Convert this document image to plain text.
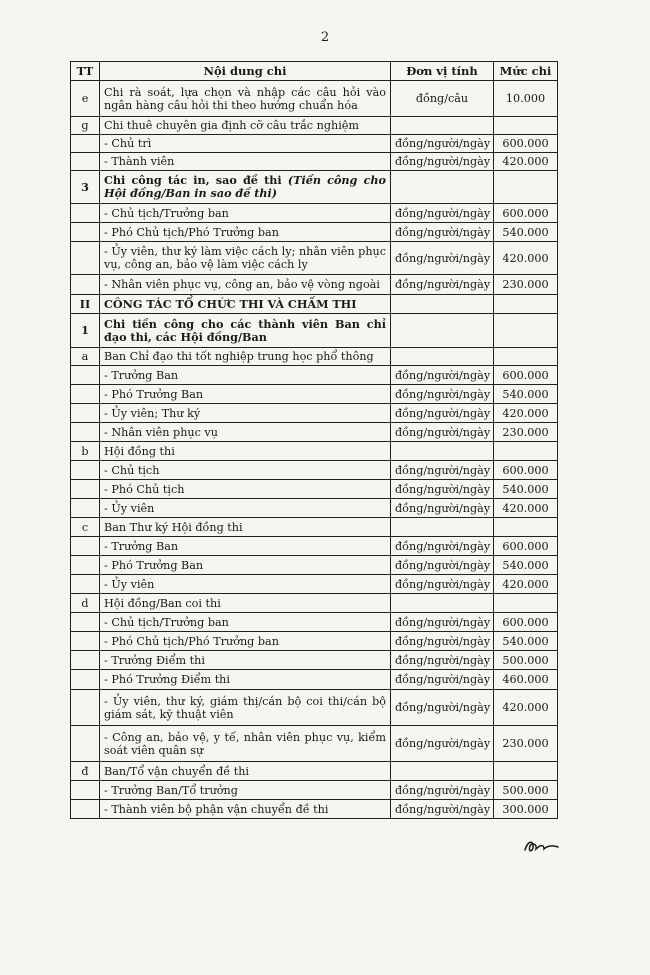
2
TT	Nội dung chi	Đơn vị tính	Mức chi
e	Chi rà soát, lựa chọn và nhập các câu hỏi vào ngân hàng câu hỏi thi theo hướng chuẩn hóa	đồng/câu	10.000
g	Chi thuê chuyên gia định cỡ câu trắc nghiệm		
	- Chủ trì	đồng/người/ngày	600.000
	- Thành viên	đồng/người/ngày	420.000
3	Chi công tác in, sao đề thi (Tiền công cho Hội đồng/Ban in sao đề thi)		
	- Chủ tịch/Trưởng ban	đồng/người/ngày	600.000
	- Phó Chủ tịch/Phó Trưởng ban	đồng/người/ngày	540.000
	- Ủy viên, thư ký làm việc cách ly; nhân viên phục vụ, công an, bảo vệ làm việc cách ly	đồng/người/ngày	420.000
	- Nhân viên phục vụ, công an, bảo vệ vòng ngoài	đồng/người/ngày	230.000
II	CÔNG TÁC TỔ CHỨC THI VÀ CHẤM THI		
1	Chi tiền công cho các thành viên Ban chỉ đạo thi, các Hội đồng/Ban		
a	Ban Chỉ đạo thi tốt nghiệp trung học phổ thông		
	- Trưởng Ban	đồng/người/ngày	600.000
	- Phó Trưởng Ban	đồng/người/ngày	540.000
	- Ủy viên; Thư ký	đồng/người/ngày	420.000
	- Nhân viên phục vụ	đồng/người/ngày	230.000
b	Hội đồng thi		
	- Chủ tịch	đồng/người/ngày	600.000
	- Phó Chủ tịch	đồng/người/ngày	540.000
	- Ủy viên	đồng/người/ngày	420.000
c	Ban Thư ký Hội đồng thi		
	- Trưởng Ban	đồng/người/ngày	600.000
	- Phó Trưởng Ban	đồng/người/ngày	540.000
	- Ủy viên	đồng/người/ngày	420.000
d	Hội đồng/Ban coi thi		
	- Chủ tịch/Trưởng ban	đồng/người/ngày	600.000
	- Phó Chủ tịch/Phó Trưởng ban	đồng/người/ngày	540.000
	- Trưởng Điểm thi	đồng/người/ngày	500.000
	- Phó Trưởng Điểm thi	đồng/người/ngày	460.000
	- Ủy viên, thư ký, giám thị/cán bộ coi thi/cán bộ giám sát, kỹ thuật viên	đồng/người/ngày	420.000
	- Công an, bảo vệ, y tế, nhân viên phục vụ, kiểm soát viên quân sự	đồng/người/ngày	230.000
đ	Ban/Tổ vận chuyển đề thi		
	- Trưởng Ban/Tổ trưởng	đồng/người/ngày	500.000
	- Thành viên bộ phận vận chuyển đề thi	đồng/người/ngày	300.000
